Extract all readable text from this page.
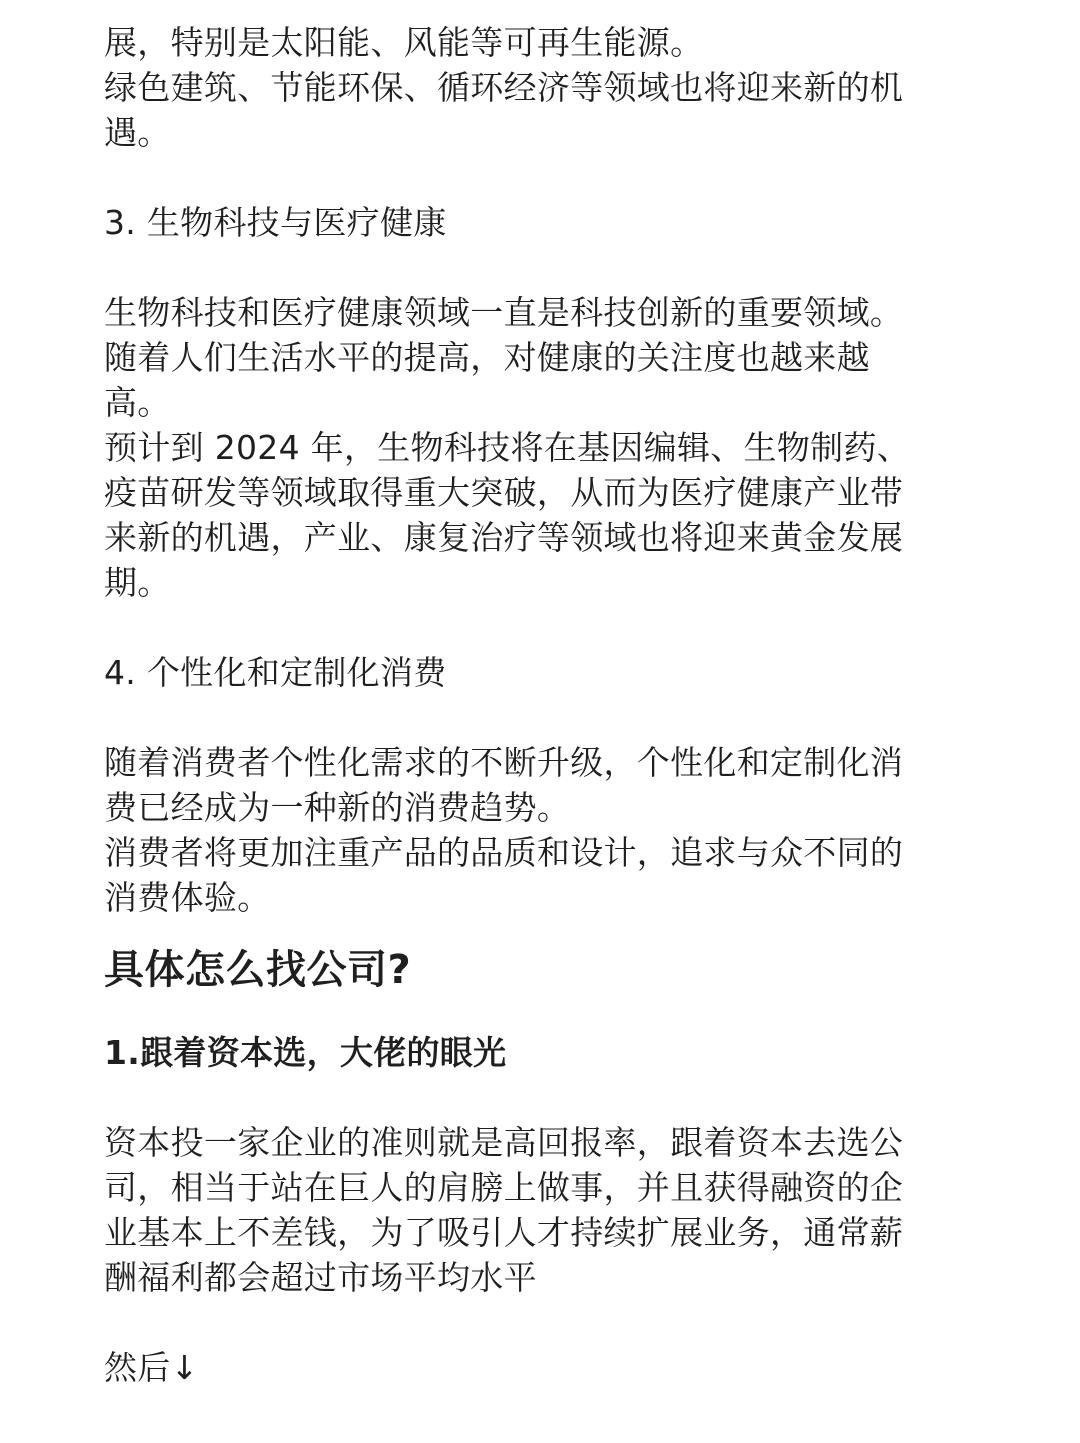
展，特别是太阳能、风能等可再生能源。
绿色建筑、节能环保、循环经济等领域也将迎来新的机
遇。
3. 生物科技与医疗健康
生物科技和医疗健康领域一直是科技创新的重要领域。
随着人们生活水平的提高，对健康的关注度也越来越
高。
预计到 2024 年，生物科技将在基因编辑、生物制药、
疫苗研发等领域取得重大突破，从而为医疗健康产业带
来新的机遇，产业、康复治疗等领域也将迎来黄金发展
期。
4. 个性化和定制化消费
随着消费者个性化需求的不断升级，个性化和定制化消
费已经成为一种新的消费趋势。
消费者将更加注重产品的品质和设计，追求与众不同的
消费体验。
具体怎么找公司?
1.跟着资本选，大佬的眼光
资本投一家企业的准则就是高回报率，跟着资本去选公
司，相当于站在巨人的肩膀上做事，并且获得融资的企
业基本上不差钱，为了吸引人才持续扩展业务，通常薪
酬福利都会超过市场平均水平
然后↓
